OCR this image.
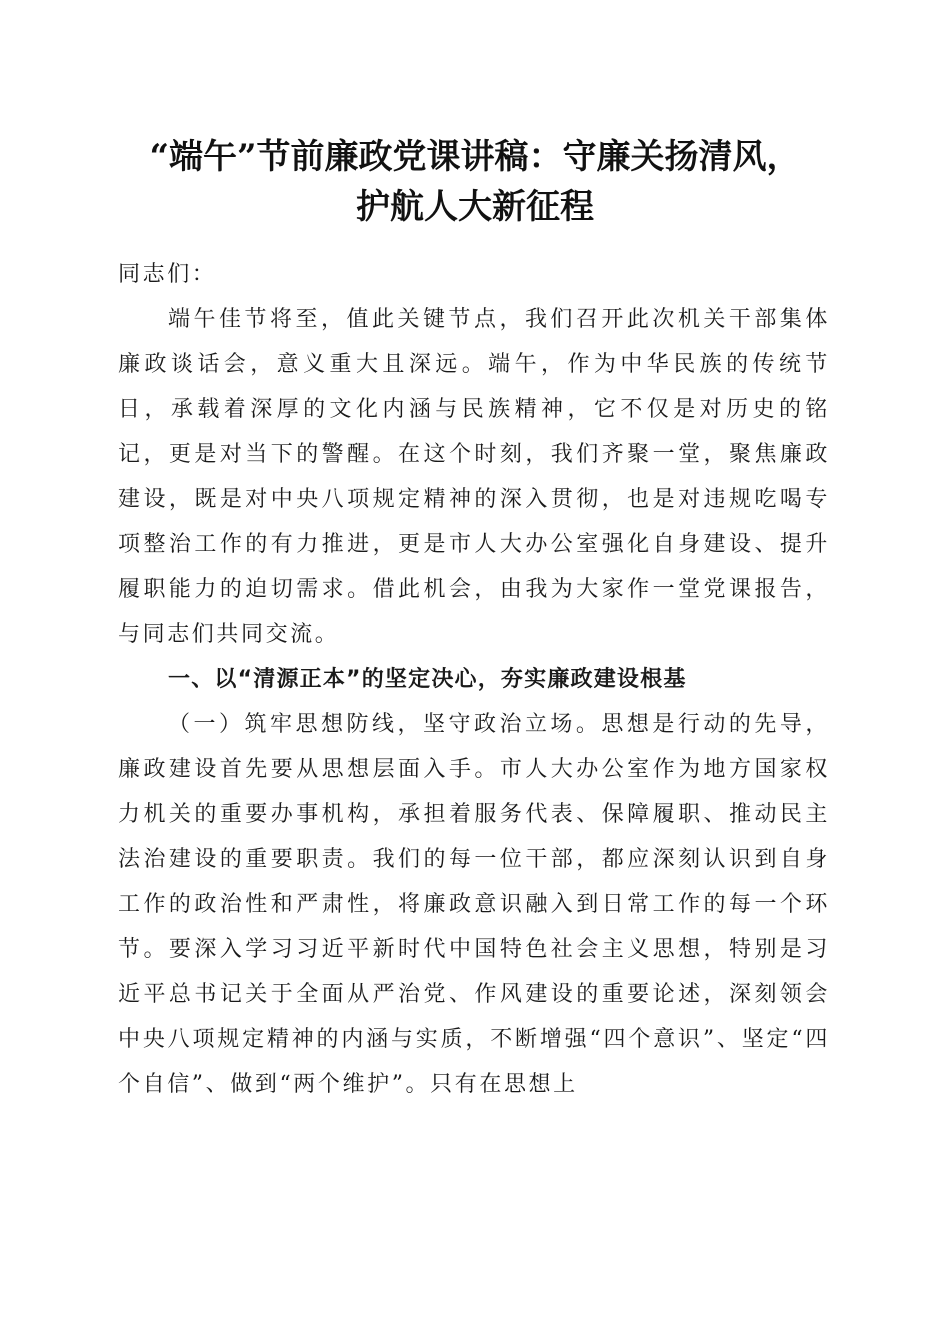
“端午”节前廉政党课讲稿：守廉关扬清风，
护航人大新征程
同志们：

端午佳节将至，值此关键节点，我们召开此次机关干部集体廉政谈话会，意义重大且深远。端午，作为中华民族的传统节日，承载着深厚的文化内涵与民族精神，它不仅是对历史的铭记，更是对当下的警醒。在这个时刻，我们齐聚一堂，聚焦廉政建设，既是对中央八项规定精神的深入贯彻，也是对违规吃喝专项整治工作的有力推进，更是市人大办公室强化自身建设、提升履职能力的迫切需求。借此机会，由我为大家作一堂党课报告，与同志们共同交流。

一、以“清源正本”的坚定决心，夯实廉政建设根基

（一）筑牢思想防线，坚守政治立场。思想是行动的先导，廉政建设首先要从思想层面入手。市人大办公室作为地方国家权力机关的重要办事机构，承担着服务代表、保障履职、推动民主法治建设的重要职责。我们的每一位干部，都应深刻认识到自身工作的政治性和严肃性，将廉政意识融入到日常工作的每一个环节。要深入学习习近平新时代中国特色社会主义思想，特别是习近平总书记关于全面从严治党、作风建设的重要论述，深刻领会中央八项规定精神的内涵与实质，不断增强“四个意识”、坚定“四个自信”、做到“两个维护”。只有在思想上
